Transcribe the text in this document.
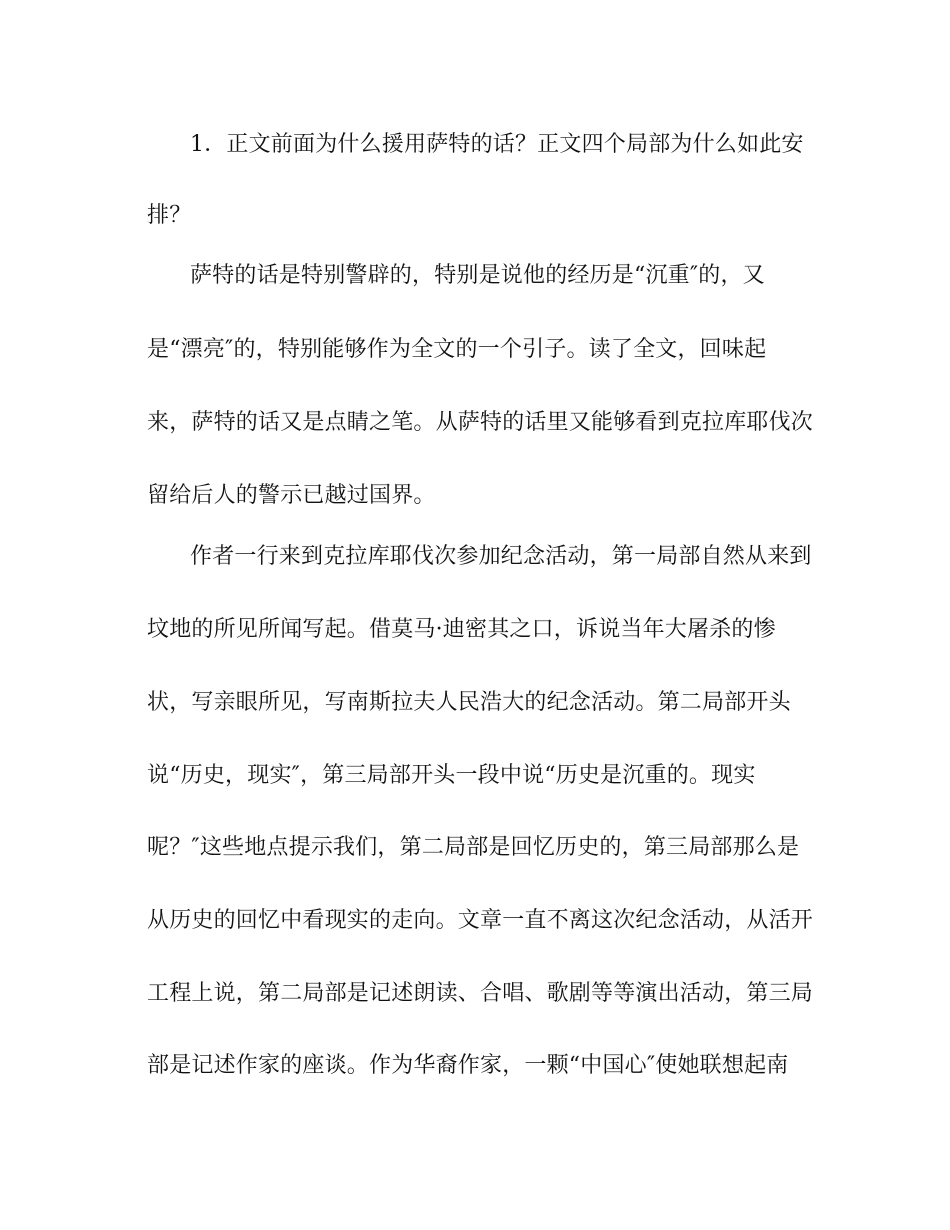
1．正文前面为什么援用萨特的话？正文四个局部为什么如此安
排？
萨特的话是特别警辟的，特别是说他的经历是“沉重″的，又
是“漂亮″的，特别能够作为全文的一个引子。读了全文，回味起
来，萨特的话又是点睛之笔。从萨特的话里又能够看到克拉库耶伐次
留给后人的警示已越过国界。
作者一行来到克拉库耶伐次参加纪念活动，第一局部自然从来到
坟地的所见所闻写起。借莫马·迪密其之口，诉说当年大屠杀的惨
状，写亲眼所见，写南斯拉夫人民浩大的纪念活动。第二局部开头
说“历史，现实″，第三局部开头一段中说“历史是沉重的。现实
呢？″这些地点提示我们，第二局部是回忆历史的，第三局部那么是
从历史的回忆中看现实的走向。文章一直不离这次纪念活动，从活开
工程上说，第二局部是记述朗读、合唱、歌剧等等演出活动，第三局
部是记述作家的座谈。作为华裔作家，一颗“中国心″使她联想起南
